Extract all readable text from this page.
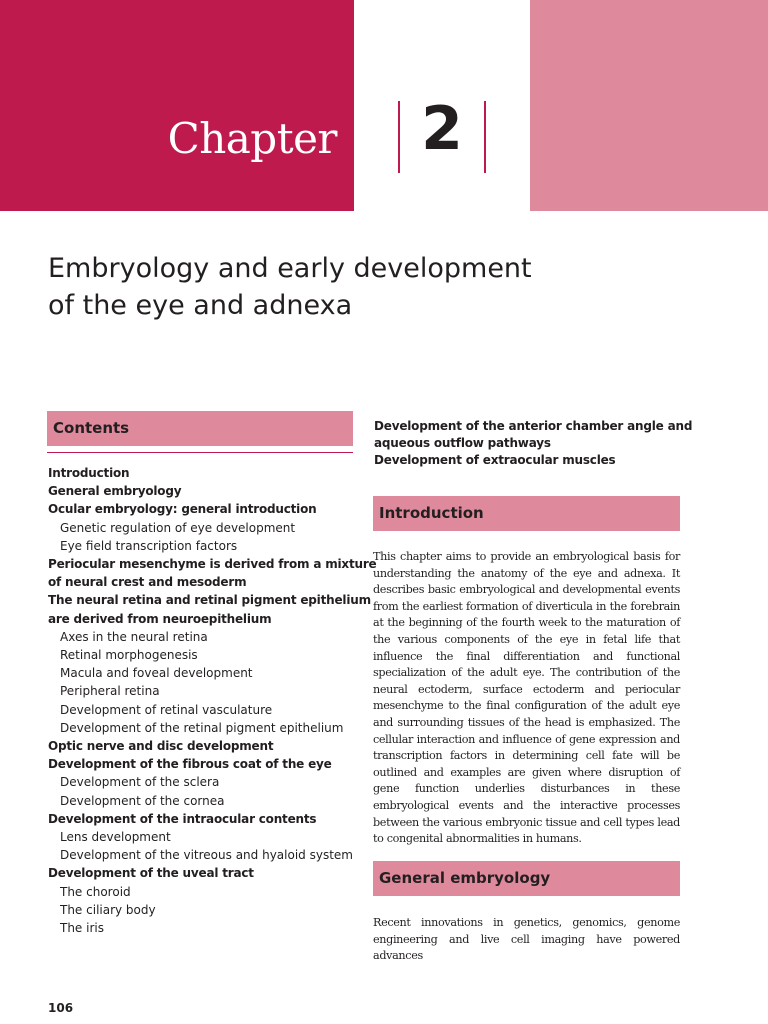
Chapter	2
Embryology and early development
of the eye and adnexa
Contents
Introduction
General embryology
Ocular embryology: general introduction
Genetic regulation of eye development
Eye field transcription factors
Periocular mesenchyme is derived from a mixture
of neural crest and mesoderm
The neural retina and retinal pigment epithelium
are derived from neuroepithelium
Axes in the neural retina
Retinal morphogenesis
Macula and foveal development
Peripheral retina
Development of retinal vasculature
Development of the retinal pigment epithelium
Optic nerve and disc development
Development of the fibrous coat of the eye
Development of the sclera
Development of the cornea
Development of the intraocular contents
Lens development
Development of the vitreous and hyaloid system
Development of the uveal tract
The choroid
The ciliary body
The iris
Development of the anterior chamber angle and
aqueous outflow pathways
Development of extraocular muscles
Introduction

This chapter aims to provide an embryological basis for understanding the anatomy of the eye and adnexa. It describes basic embryological and developmental events from the earliest formation of diverticula in the forebrain at the beginning of the fourth week to the maturation of the various components of the eye in fetal life that influence the final differentiation and functional specialization of the adult eye. The contribution of the neural ectoderm, surface ectoderm and periocular mesenchyme to the final configuration of the adult eye and surrounding tissues of the head is emphasized. The cellular interaction and influence of gene expression and transcription factors in determining cell fate will be outlined and examples are given where disruption of gene function underlies disturbances in these embryological events and the interactive processes between the various embryonic tissue and cell types lead to congenital abnormalities in humans.

General embryology

Recent innovations in genetics, genomics, genome engineering and live cell imaging have powered advances

106
